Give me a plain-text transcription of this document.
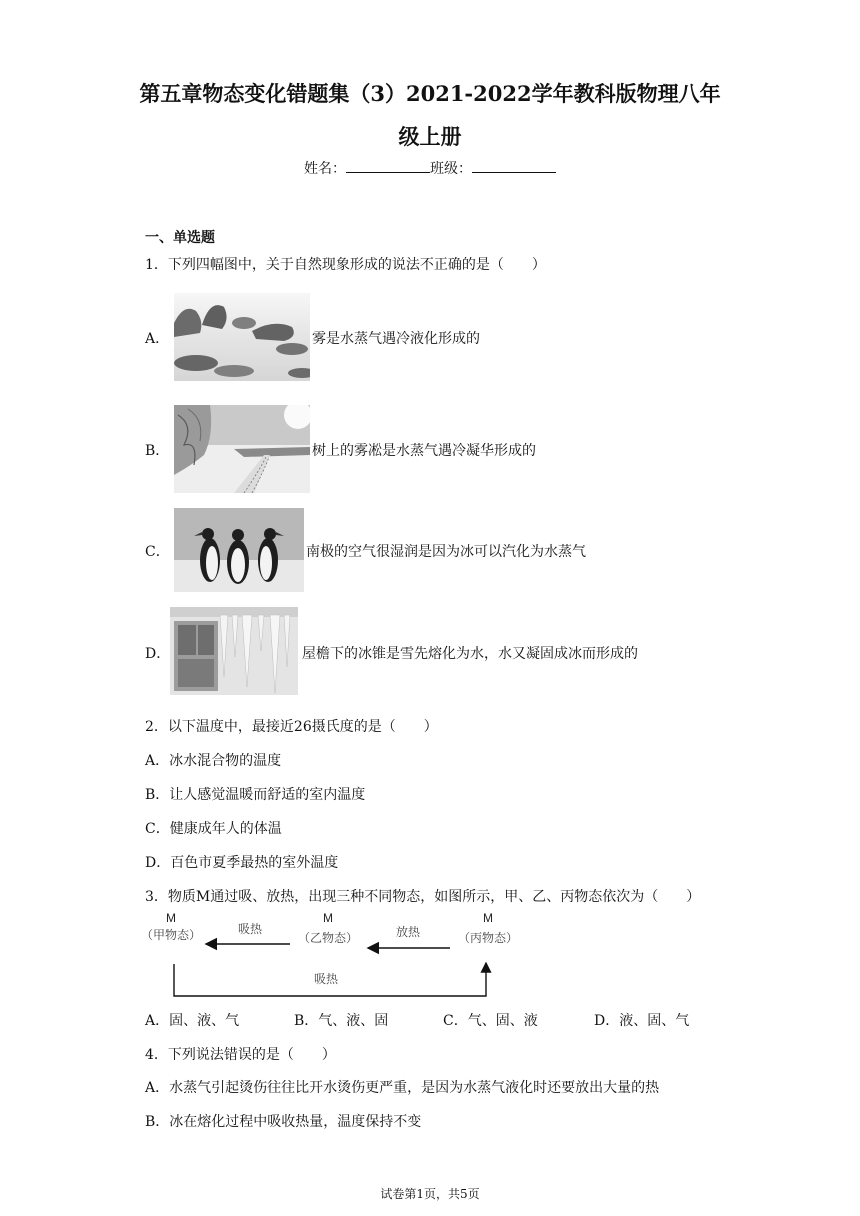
第五章物态变化错题集（3）2021-2022学年教科版物理八年
级上册
姓名：	班级：
一、单选题
1．下列四幅图中，关于自然现象形成的说法不正确的是（　　）
A．	雾是水蒸气遇冷液化形成的
B．	树上的雾凇是水蒸气遇冷凝华形成的
C．	南极的空气很湿润是因为冰可以汽化为水蒸气
D．	屋檐下的冰锥是雪先熔化为水，水又凝固成冰而形成的
2．以下温度中，最接近26摄氏度的是（　　）
A．冰水混合物的温度
B．让人感觉温暖而舒适的室内温度
C．健康成年人的体温
D．百色市夏季最热的室外温度
3．物质M通过吸、放热，出现三种不同物态，如图所示，甲、乙、丙物态依次为（　　）
M
（甲物态）
M
（乙物态）
M
（丙物态）
吸热	放热
吸热
A．固、液、气	B．气、液、固	C．气、固、液	D．液、固、气
4．下列说法错误的是（　　）
A．水蒸气引起烫伤往往比开水烫伤更严重，是因为水蒸气液化时还要放出大量的热
B．冰在熔化过程中吸收热量，温度保持不变
试卷第1页，共5页
